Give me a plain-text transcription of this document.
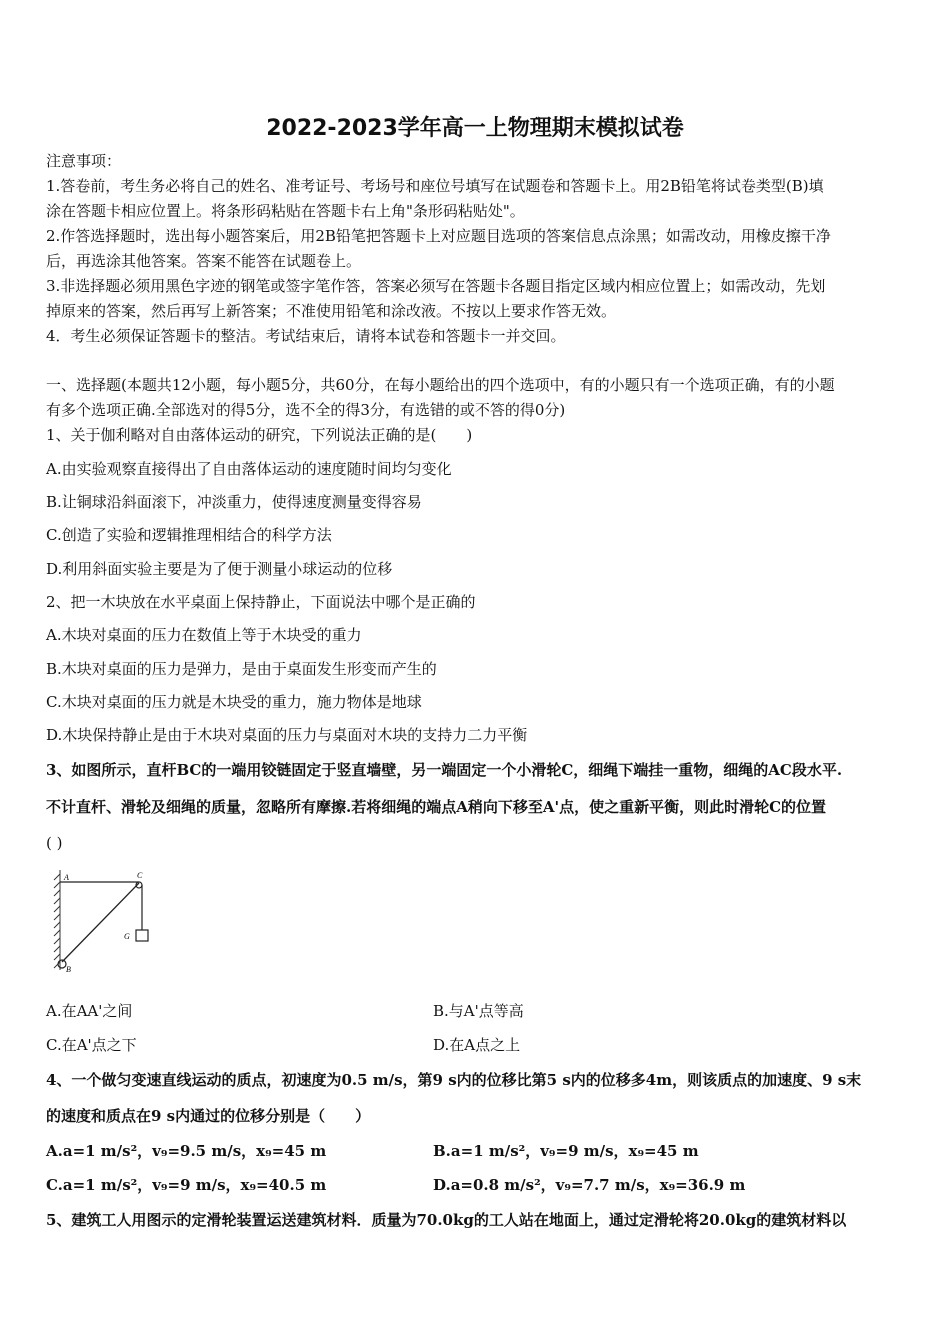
2022-2023学年高一上物理期末模拟试卷
注意事项：
1.答卷前，考生务必将自己的姓名、准考证号、考场号和座位号填写在试题卷和答题卡上。用2B铅笔将试卷类型(B)填
涂在答题卡相应位置上。将条形码粘贴在答题卡右上角"条形码粘贴处"。
2.作答选择题时，选出每小题答案后，用2B铅笔把答题卡上对应题目选项的答案信息点涂黑；如需改动，用橡皮擦干净
后，再选涂其他答案。答案不能答在试题卷上。
3.非选择题必须用黑色字迹的钢笔或签字笔作答，答案必须写在答题卡各题目指定区域内相应位置上；如需改动，先划
掉原来的答案，然后再写上新答案；不准使用铅笔和涂改液。不按以上要求作答无效。
4．考生必须保证答题卡的整洁。考试结束后，请将本试卷和答题卡一并交回。
一、选择题(本题共12小题，每小题5分，共60分，在每小题给出的四个选项中，有的小题只有一个选项正确，有的小题
有多个选项正确.全部选对的得5分，选不全的得3分，有选错的或不答的得0分)
1、关于伽利略对自由落体运动的研究，下列说法正确的是(　　)
A.由实验观察直接得出了自由落体运动的速度随时间均匀变化
B.让铜球沿斜面滚下，冲淡重力，使得速度测量变得容易
C.创造了实验和逻辑推理相结合的科学方法
D.利用斜面实验主要是为了便于测量小球运动的位移
2、把一木块放在水平桌面上保持静止，下面说法中哪个是正确的
A.木块对桌面的压力在数值上等于木块受的重力
B.木块对桌面的压力是弹力，是由于桌面发生形变而产生的
C.木块对桌面的压力就是木块受的重力，施力物体是地球
D.木块保持静止是由于木块对桌面的压力与桌面对木块的支持力二力平衡
3、如图所示，直杆BC的一端用铰链固定于竖直墙壁，另一端固定一个小滑轮C，细绳下端挂一重物，细绳的AC段水平.
不计直杆、滑轮及细绳的质量，忽略所有摩擦.若将细绳的端点A稍向下移至A'点，使之重新平衡，则此时滑轮C的位置
( )
A	C
G
B
A.在AA'之间	B.与A'点等高
C.在A'点之下	D.在A点之上
4、一个做匀变速直线运动的质点，初速度为0.5 m/s，第9 s内的位移比第5 s内的位移多4m，则该质点的加速度、9 s末
的速度和质点在9 s内通过的位移分别是（　　）
A.a=1 m/s²，v₉=9.5 m/s，x₉=45 m	B.a=1 m/s²，v₉=9 m/s，x₉=45 m
C.a=1 m/s²，v₉=9 m/s，x₉=40.5 m	D.a=0.8 m/s²，v₉=7.7 m/s，x₉=36.9 m
5、建筑工人用图示的定滑轮装置运送建筑材料．质量为70.0kg的工人站在地面上，通过定滑轮将20.0kg的建筑材料以
